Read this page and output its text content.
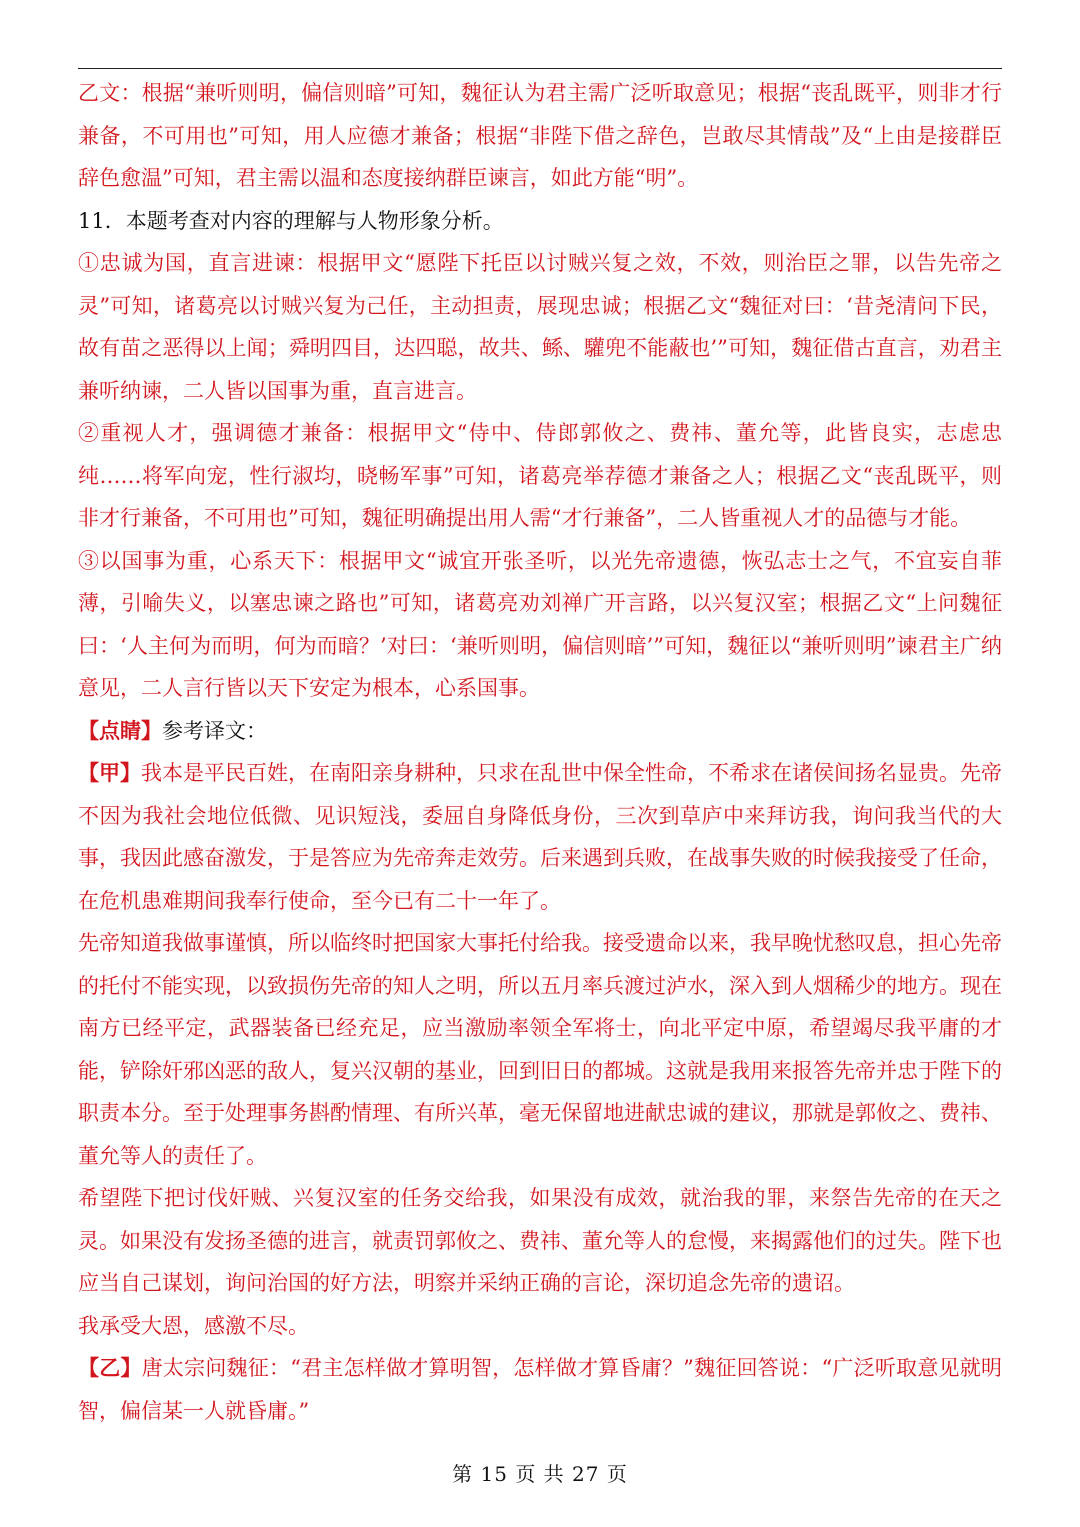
乙文：根据“兼听则明，偏信则暗”可知，魏征认为君主需广泛听取意见；根据“丧乱既平，则非才行兼备，不可用也”可知，用人应德才兼备；根据“非陛下借之辞色，岂敢尽其情哉”及“上由是接群臣辞色愈温”可知，君主需以温和态度接纳群臣谏言，如此方能“明”。

11．本题考查对内容的理解与人物形象分析。

①忠诚为国，直言进谏：根据甲文“愿陛下托臣以讨贼兴复之效，不效，则治臣之罪，以告先帝之灵”可知，诸葛亮以讨贼兴复为己任，主动担责，展现忠诚；根据乙文“魏征对曰：‘昔尧清问下民，故有苗之恶得以上闻；舜明四目，达四聪，故共、鲧、驩兜不能蔽也’”可知，魏征借古直言，劝君主兼听纳谏，二人皆以国事为重，直言进言。

②重视人才，强调德才兼备：根据甲文“侍中、侍郎郭攸之、费祎、董允等，此皆良实，志虑忠纯……将军向宠，性行淑均，晓畅军事”可知，诸葛亮举荐德才兼备之人；根据乙文“丧乱既平，则非才行兼备，不可用也”可知，魏征明确提出用人需“才行兼备”，二人皆重视人才的品德与才能。

③以国事为重，心系天下：根据甲文“诚宜开张圣听，以光先帝遗德，恢弘志士之气，不宜妄自菲薄，引喻失义，以塞忠谏之路也”可知，诸葛亮劝刘禅广开言路，以兴复汉室；根据乙文“上问魏征曰：‘人主何为而明，何为而暗？’对曰：‘兼听则明，偏信则暗’”可知，魏征以“兼听则明”谏君主广纳意见，二人言行皆以天下安定为根本，心系国事。

【点睛】参考译文：

【甲】我本是平民百姓，在南阳亲身耕种，只求在乱世中保全性命，不希求在诸侯间扬名显贵。先帝不因为我社会地位低微、见识短浅，委屈自身降低身份，三次到草庐中来拜访我，询问我当代的大事，我因此感奋激发，于是答应为先帝奔走效劳。后来遇到兵败，在战事失败的时候我接受了任命，在危机患难期间我奉行使命，至今已有二十一年了。

先帝知道我做事谨慎，所以临终时把国家大事托付给我。接受遗命以来，我早晚忧愁叹息，担心先帝的托付不能实现，以致损伤先帝的知人之明，所以五月率兵渡过泸水，深入到人烟稀少的地方。现在南方已经平定，武器装备已经充足，应当激励率领全军将士，向北平定中原，希望竭尽我平庸的才能，铲除奸邪凶恶的敌人，复兴汉朝的基业，回到旧日的都城。这就是我用来报答先帝并忠于陛下的职责本分。至于处理事务斟酌情理、有所兴革，毫无保留地进献忠诚的建议，那就是郭攸之、费祎、董允等人的责任了。

希望陛下把讨伐奸贼、兴复汉室的任务交给我，如果没有成效，就治我的罪，来祭告先帝的在天之灵。如果没有发扬圣德的进言，就责罚郭攸之、费祎、董允等人的怠慢，来揭露他们的过失。陛下也应当自己谋划，询问治国的好方法，明察并采纳正确的言论，深切追念先帝的遗诏。

我承受大恩，感激不尽。

【乙】唐太宗问魏征：“君主怎样做才算明智，怎样做才算昏庸？”魏征回答说：“广泛听取意见就明智，偏信某一人就昏庸。”

第 15 页 共 27 页
